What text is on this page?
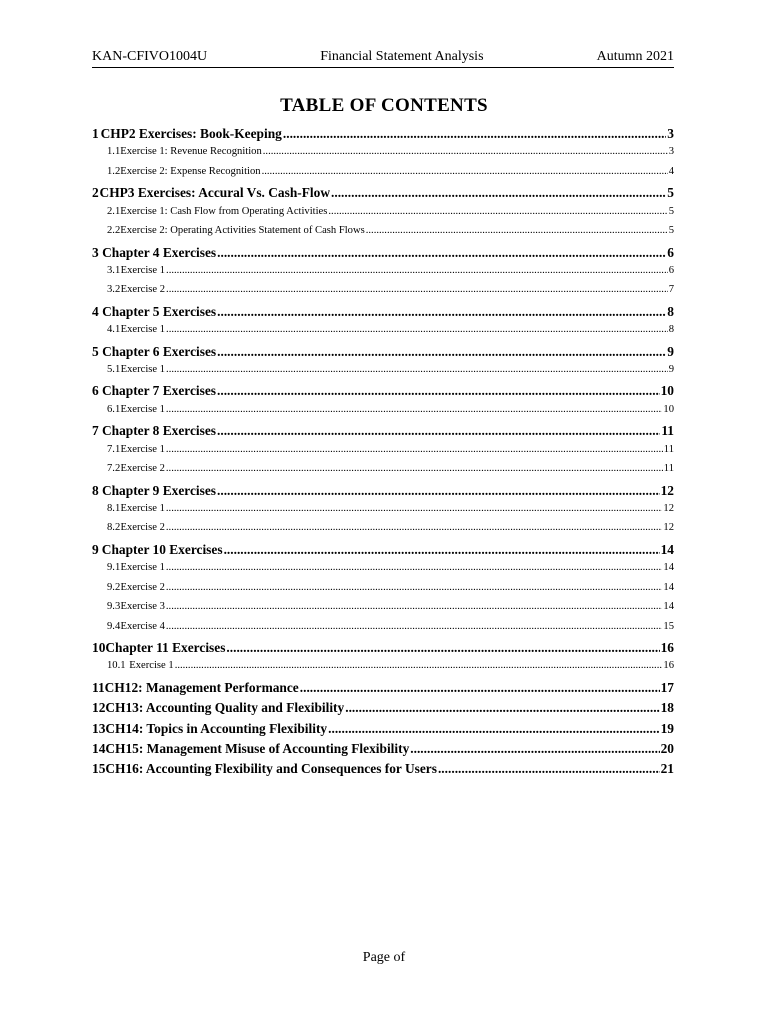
KAN-CFIVO1004U	Financial Statement Analysis	Autumn 2021
TABLE OF CONTENTS
1 CHP2 Exercises: Book-Keeping .....	3
1.1 Exercise 1: Revenue Recognition .....	3
1.2 Exercise 2: Expense Recognition .....	4
2 CHP3 Exercises: Accural Vs. Cash-Flow .....	5
2.1 Exercise 1: Cash Flow from Operating Activities .....	5
2.2 Exercise 2: Operating Activities Statement of Cash Flows .....	5
3 Chapter 4 Exercises .....	6
3.1 Exercise 1 .....	6
3.2 Exercise 2 .....	7
4 Chapter 5 Exercises .....	8
4.1 Exercise 1 .....	8
5 Chapter 6 Exercises .....	9
5.1 Exercise 1 .....	9
6 Chapter 7 Exercises .....	10
6.1 Exercise 1 .....	10
7 Chapter 8 Exercises .....	11
7.1 Exercise 1 .....	11
7.2 Exercise 2 .....	11
8 Chapter 9 Exercises .....	12
8.1 Exercise 1 .....	12
8.2 Exercise 2 .....	12
9 Chapter 10 Exercises .....	14
9.1 Exercise 1 .....	14
9.2 Exercise 2 .....	14
9.3 Exercise 3 .....	14
9.4 Exercise 4 .....	15
10 Chapter 11 Exercises .....	16
10.1 Exercise 1 .....	16
11 CH12: Management Performance .....	17
12 CH13: Accounting Quality and Flexibility .....	18
13 CH14: Topics in Accounting Flexibility .....	19
14 CH15: Management Misuse of Accounting Flexibility .....	20
15 CH16: Accounting Flexibility and Consequences for Users .....	21
Page of
